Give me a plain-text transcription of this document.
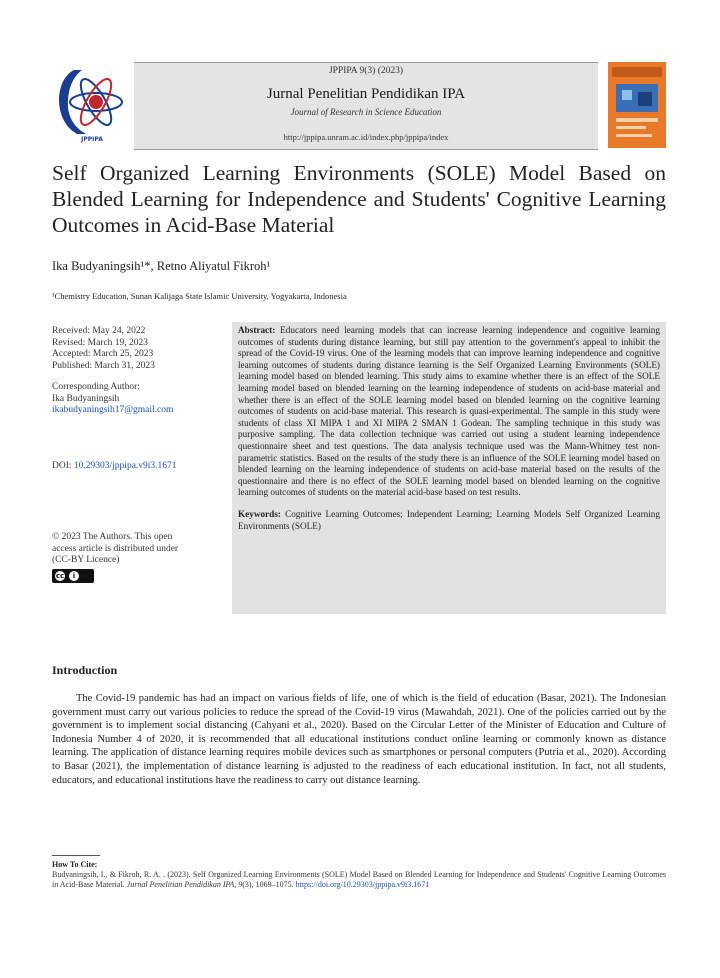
JPPIPA
JPPIPA 9(3) (2023)
Jurnal Penelitian Pendidikan IPA
Journal of Research in Science Education
http://jppipa.unram.ac.id/index.php/jppipa/index
Self Organized Learning Environments (SOLE) Model Based on Blended Learning for Independence and Students' Cognitive Learning Outcomes in Acid-Base Material
Ika Budyaningsih¹*, Retno Aliyatul Fikroh¹
¹Chemistry Education, Sunan Kalijaga State Islamic University, Yogyakarta, Indonesia
Received: May 24, 2022
Revised: March 19, 2023
Accepted: March 25, 2023
Published: March 31, 2023
Corresponding Author:
Ika Budyaningsih
ikabudyaningsih17@gmail.com
DOI: 10.29303/jppipa.v9i3.1671
© 2023 The Authors. This open
access article is distributed under
(CC-BY Licence)
cc	i

Abstract: Educators need learning models that can increase learning independence and cognitive learning outcomes of students during distance learning, but still pay attention to the government's appeal to inhibit the spread of the Covid-19 virus. One of the learning models that can improve learning independence and cognitive learning outcomes of students during distance learning is the Self Organized Learning Environments (SOLE) learning model based on blended learning. This study aims to examine whether there is an effect of the SOLE learning model based on blended learning on the learning independence of students on acid-base material and whether there is an effect of the SOLE learning model based on blended learning on the cognitive learning outcomes of students on acid-base material. This research is quasi-experimental. The sample in this study were students of class XI MIPA 1 and XI MIPA 2 SMAN 1 Godean. The sampling technique in this study was purposive sampling. The data collection technique was carried out using a student learning independence questionnaire sheet and test questions. The data analysis technique used was the Mann-Whitney test non-parametric statistics. Based on the results of the study there is an influence of the SOLE learning model based on blended learning on the learning independence of students on acid-base material based on the results of the questionnaire and there is no effect of the SOLE learning model based on blended learning on the cognitive learning outcomes of students on the material acid-base based on test results.

Keywords: Cognitive Learning Outcomes; Independent Learning; Learning Models Self Organized Learning Environments (SOLE)

Introduction

The Covid-19 pandemic has had an impact on various fields of life, one of which is the field of education (Basar, 2021). The Indonesian government must carry out various policies to reduce the spread of the Covid-19 virus (Mawahdah, 2021). One of the policies carried out by the government is to implement social distancing (Cahyani et al., 2020). Based on the Circular Letter of the Minister of Education and Culture of Indonesia Number 4 of 2020, it is recommended that all educational institutions conduct online learning or commonly known as distance learning. The application of distance learning requires mobile devices such as smartphones or personal computers (Putria et al., 2020). According to Basar (2021), the implementation of distance learning is adjusted to the readiness of each educational institution. In fact, not all students, educators, and educational institutions have the readiness to carry out distance learning.

How To Cite:

Budyaningsih, I., & Fikroh, R. A. . (2023). Self Organized Learning Environments (SOLE) Model Based on Blended Learning for Independence and Students' Cognitive Learning Outcomes in Acid-Base Material. Jurnal Penelitian Pendidikan IPA, 9(3), 1069–1075. https://doi.org/10.29303/jppipa.v9i3.1671
